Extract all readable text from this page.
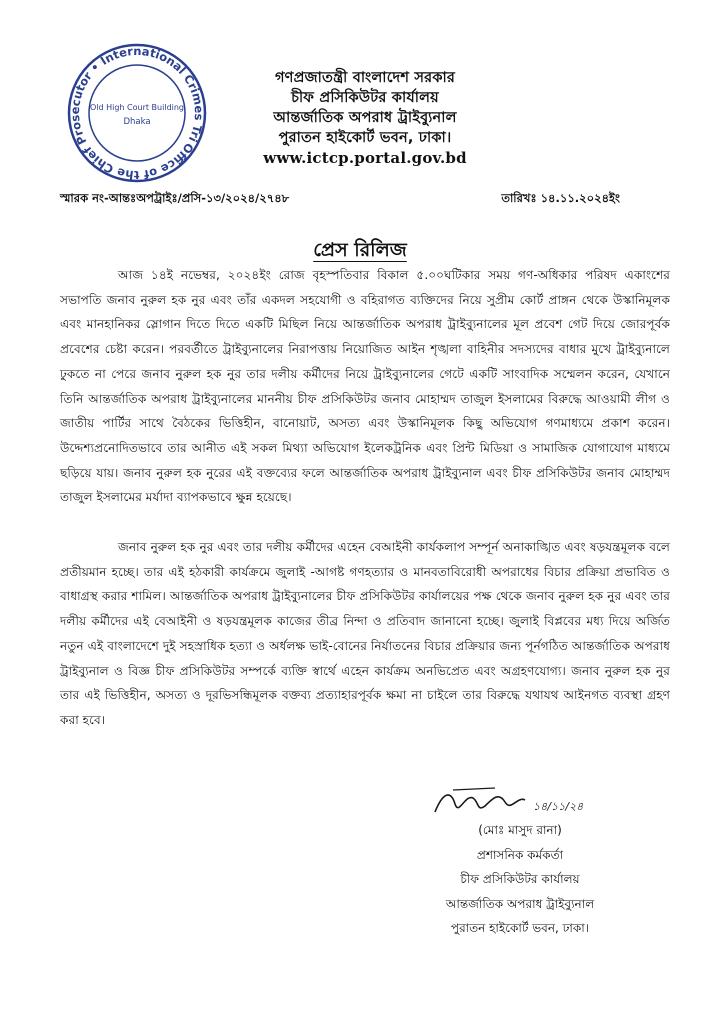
Office of the Chief Prosecutor • International Crimes Tribunal
Old High Court Building
Dhaka
গণপ্রজাতন্ত্রী বাংলাদেশ সরকার
চীফ প্রসিকিউটর কার্যালয়
আন্তর্জাতিক অপরাধ ট্রাইব্যুনাল
পুরাতন হাইকোর্ট ভবন, ঢাকা।
www.ictcp.portal.gov.bd
স্মারক নং-আন্তঃঅপট্রাইঃ/প্রসি-১৩/২০২৪/২৭৪৮	তারিখঃ ১৪.১১.২০২৪ইং
প্রেস রিলিজ

আজ ১৪ই নভেম্বর, ২০২৪ইং রোজ বৃহস্পতিবার বিকাল ৫.০০ঘটিকার সময় গণ-অধিকার পরিষদ একাংশের সভাপতি জনাব নুরুল হক নুর এবং তাঁর একদল সহযোগী ও বহিরাগত ব্যক্তিদের নিয়ে সুপ্রীম কোর্ট প্রাঙ্গন থেকে উস্কানিমূলক এবং মানহানিকর স্লোগান দিতে দিতে একটি মিছিল নিয়ে আন্তর্জাতিক অপরাধ ট্রাইব্যুনালের মূল প্রবেশ গেট দিয়ে জোরপূর্বক প্রবেশের চেষ্টা করেন। পরবর্তীতে ট্রাইব্যুনালের নিরাপত্তায় নিয়োজিত আইন শৃঙ্খলা বাহিনীর সদস্যদের বাধার মুখে ট্রাইব্যুনালে ঢুকতে না পেরে জনাব নুরুল হক নুর তার দলীয় কর্মীদের নিয়ে ট্রাইব্যুনালের গেটে একটি সাংবাদিক সম্মেলন করেন, যেখানে তিনি আন্তর্জাতিক অপরাধ ট্রাইব্যুনালের মাননীয় চীফ প্রসিকিউটর জনাব মোহাম্মদ তাজুল ইসলামের বিরুদ্ধে আওয়ামী লীগ ও জাতীয় পার্টির সাথে বৈঠকের ভিত্তিহীন, বানোয়াট, অসত্য এবং উস্কানিমূলক কিছু অভিযোগ গণমাধ্যমে প্রকাশ করেন। উদ্দেশ্যপ্রনোদিতভাবে তার আনীত এই সকল মিথ্যা অভিযোগ ইলেকট্রনিক এবং প্রিন্ট মিডিয়া ও সামাজিক যোগাযোগ মাধ্যমে ছড়িয়ে যায়। জনাব নুরুল হক নুরের এই বক্তব্যের ফলে আন্তর্জাতিক অপরাধ ট্রাইব্যুনাল এবং চীফ প্রসিকিউটর জনাব মোহাম্মদ তাজুল ইসলামের মর্যাদা ব্যাপকভাবে ক্ষুন্ন হয়েছে।

জনাব নুরুল হক নুর এবং তার দলীয় কর্মীদের এহেন বেআইনী কার্যকলাপ সম্পূর্ন অনাকাঙ্খিত এবং ষড়যন্ত্রমূলক বলে প্রতীয়মান হচ্ছে। তার এই হঠকারী কার্যক্রমে জুলাই -আগষ্ট গণহত্যার ও মানবতাবিরোধী অপরাধের বিচার প্রক্রিয়া প্রভাবিত ও বাধাগ্রস্থ করার শামিল। আন্তর্জাতিক অপরাধ ট্রাইব্যুনালের চীফ প্রসিকিউটর কার্যালয়ের পক্ষ থেকে জনাব নুরুল হক নুর এবং তার দলীয় কর্মীদের এই বেআইনী ও ষড়যন্ত্রমূলক কাজের তীব্র নিন্দা ও প্রতিবাদ জানানো হচ্ছে। জুলাই বিপ্লবের মধ্য দিয়ে অর্জিত নতুন এই বাংলাদেশে দুই সহস্রাধিক হত্যা ও অর্ধলক্ষ ভাই-বোনের নির্যাতনের বিচার প্রক্রিয়ার জন্য পূর্নগঠিত আন্তর্জাতিক অপরাধ ট্রাইব্যুনাল ও বিজ্ঞ চীফ প্রসিকিউটর সম্পর্কে ব্যক্তি স্বার্থে এহেন কার্যক্রম অনভিপ্রেত এবং অগ্রহণযোগ্য। জনাব নুরুল হক নুর তার এই ভিত্তিহীন, অসত্য ও দূরভিসন্ধিমূলক বক্তব্য প্রত্যাহারপূর্বক ক্ষমা না চাইলে তার বিরুদ্ধে যথাযথ আইনগত ব্যবস্থা গ্রহণ করা হবে।

১৪/১১/২৪
(মোঃ মাসুদ রানা)
প্রশাসনিক কর্মকর্তা
চীফ প্রসিকিউটর কার্যালয়
আন্তর্জাতিক অপরাধ ট্রাইব্যুনাল
পুরাতন হাইকোর্ট ভবন, ঢাকা।
